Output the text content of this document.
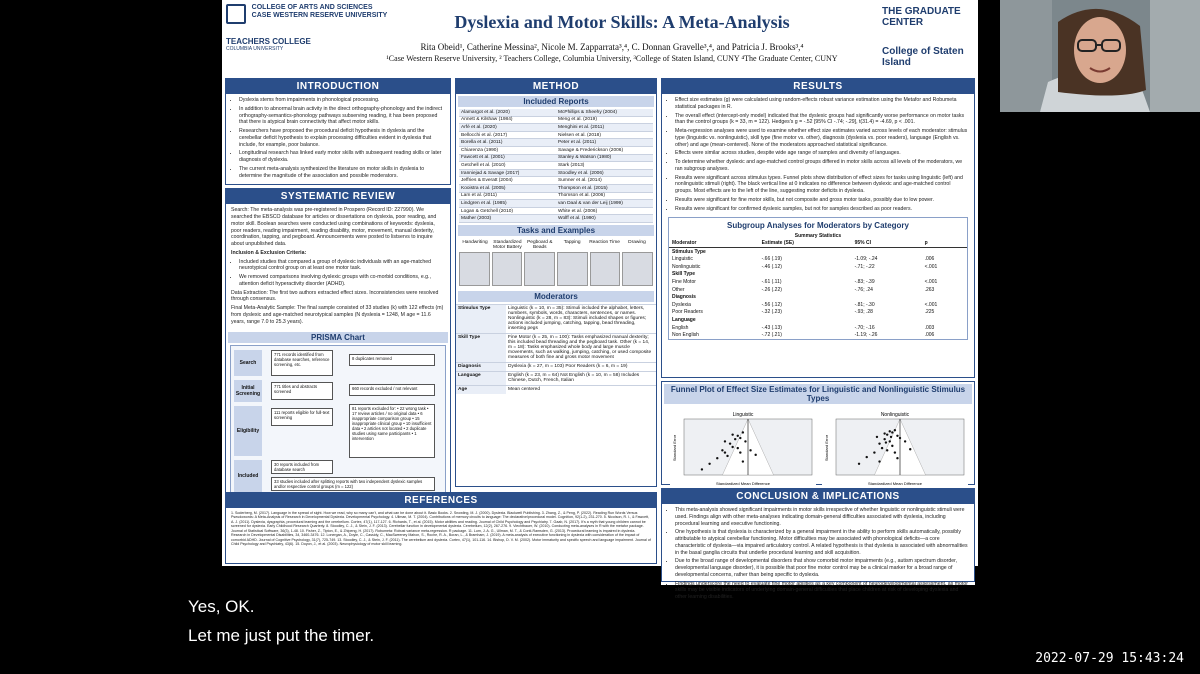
COLLEGE OF ARTS AND SCIENCES
CASE WESTERN RESERVE UNIVERSITY
TEACHERS COLLEGE
COLUMBIA UNIVERSITY
Dyslexia and Motor Skills: A Meta-Analysis
Rita Obeid¹, Catherine Messina², Nicole M. Zapparrata³,⁴, C. Donnan Gravelle³,⁴, and Patricia J. Brooks³,⁴
¹Case Western Reserve University, ² Teachers College, Columbia University, ³College of Staten Island, CUNY ⁴The Graduate Center, CUNY
THE GRADUATE CENTER
College of Staten Island
INTRODUCTION
• Dyslexia stems from impairments in phonological processing.
• In addition to abnormal brain activity in the direct orthography-phonology and the indirect orthography-semantics-phonology pathways subserving reading, it has been proposed that there is atypical brain connectivity that affect motor skills.
• Researchers have proposed the procedural deficit hypothesis in dyslexia and the cerebellar deficit hypothesis to explain processing difficulties evident in dyslexia that include, for example, poor balance.
• Longitudinal research has linked early motor skills with subsequent reading skills or later diagnosis of dyslexia.
• The current meta-analysis synthesized the literature on motor skills in dyslexia to determine the magnitude of the association and possible moderators.
SYSTEMATIC REVIEW

Search: The meta-analysis was pre-registered in Prospero (Record ID: 227990). We searched the EBSCO database for articles or dissertations on dyslexia, poor reading, and motor skill. Boolean searches were conducted using combinations of keywords: dyslexia, poor readers, reading impairment, reading disability, motor, movement, manual dexterity, coordination, tapping, and pegboard. Announcements were posted to listservs to inquire about unpublished data.

Inclusion & Exclusion Criteria:

• Included studies that compared a group of dyslexic individuals with an age-matched neurotypical control group on at least one motor task.
• We removed comparisons involving dyslexic groups with co-morbid conditions, e.g., attention deficit hyperactivity disorder (ADHD).

Data Extraction: The first two authors extracted effect sizes. Inconsistencies were resolved through consensus.

Final Meta-Analytic Sample: The final sample consisted of 33 studies (k) with 122 effects (m) from dyslexic and age-matched neurotypical samples (N dyslexia = 1248, M age = 11.6 years, range 7.0 to 25.3 years).

PRISMA Chart
Search
Initial Screening
Eligibility
Included
771 records identified from database searches, reference screening, etc.
8 duplicates removed
771 titles and abstracts screened
660 records excluded / not relevant
111 reports eligible for full-text screening
81 reports excluded for: • 22 wrong task • 17 review articles / no original data • 6 inappropriate comparison group • 15 inappropriate clinical group • 10 insufficient data • 2 articles not located • 2 duplicate studies using same participants • 1 intervention
30 reports included from database search
33 studies included after splitting reports with two independent dyslexic samples and/or respective control groups (m = 122)
METHOD
Included Reports
Alamargot et al. (2020)	McPhillips & Sheehy (2004)
Annett & Kilshaw (1984)	Meng et al. (2019)
Arfé et al. (2020)	Menghini et al. (2011)
Bellocchi et al. (2017)	Nielsen et al. (2018)
Borella et al. (2011)	Peter et al. (2011)
Chiarenza (1990)	Savage & Frederickson (2006)
Fawcett et al. (2001)	Stanley & Watson (1980)
Getchell et al. (2010)	Stark (2013)
Iranniejad & Savage (2017)	Stoodley et al. (2006)
Jeffries & Everatt (2004)	Sumner et al. (2014)
Kooistra et al. (2005)	Thompson et al. (2015)
Lam et al. (2011)	Thomson et al. (2006)
Lindgren et al. (1985)	van Daal & van der Leij (1999)
Logan & Getchell (2010)	White et al. (2006)
Mather (2003)	Wolff et al. (1990)
Tasks and Examples
Handwriting	Standardized Motor Battery
Pegboard & Beads
Tapping	Reaction Time	Drawing
Moderators
Stimulus Type	Linguistic (k = 10, m = 35): Stimuli included the alphabet, letters, numbers, symbols, words, characters, sentences, or names. Nonlinguistic (k = 28, m = 83): Stimuli included shapes or figures; actions included jumping, catching, tapping, bead threading, inserting pegs
Skill Type	Fine Motor (k = 25, m = 100): Tasks emphasized manual dexterity; this included bead threading and the pegboard task. Other (k = 14, m = 18): Tasks emphasized whole body and large muscle movements, such as walking, jumping, catching, or used composite measures of both fine and gross motor movement
Diagnosis	Dyslexia (k = 27, m = 103) Poor Readers (k = 6, m = 19)
Language	English (k = 23, m = 64) Not English (k = 10, m = 58) Includes Chinese, Dutch, French, Italian
Age	Mean centered
RESULTS
• Effect size estimates (g) were calculated using random-effects robust variance estimation using the Metafor and Robumeta statistical packages in R.
• The overall effect (intercept-only model) indicated that the dyslexic groups had significantly worse performance on motor tasks than the control groups (k = 33, m = 122). Hedges's g = -.52 [95% CI -.74; -.29], t(31.4) = -4.69, p < .001.
• Meta-regression analyses were used to examine whether effect size estimates varied across levels of each moderator: stimulus type (linguistic vs. nonlinguistic), skill type (fine motor vs. other), diagnosis (dyslexia vs. poor readers), language (English vs. other) and age (mean-centered). None of the moderators approached statistical significance.
• Effects were similar across studies, despite wide age range of samples and diversity of languages.
• To determine whether dyslexic and age-matched control groups differed in motor skills across all levels of the moderators, we ran subgroup analyses.
• Results were significant across stimulus types. Funnel plots show distribution of effect sizes for tasks using linguistic (left) and nonlinguistic stimuli (right). The black vertical line at 0 indicates no difference between dyslexic and age-matched control groups. Most effects are to the left of the line, suggesting motor deficits in dyslexia.
• Results were significant for fine motor skills, but not composite and gross motor tasks, possibly due to low power.
• Results were significant for confirmed dyslexic samples, but not for samples described as poor readers.
Subgroup Analyses for Moderators by Category
Summary Statistics
Moderator	Estimate (SE)	95% CI	p
Stimulus Type			
Linguistic	-.66 (.19)	-1.09; -.24	.006
Nonlinguistic	-.46 (.12)	-.71; -.22	<.001
Skill Type			
Fine Motor	-.61 (.11)	-.83; -.39	<.001
Other	-.26 (.22)	-.76; .24	.263
Diagnosis			
Dyslexia	-.56 (.12)	-.81; -.30	<.001
Poor Readers	-.32 (.23)	-.93; .28	.225
Language			
English	-.43 (.13)	-.70; -.16	.003
Non English	-.72 (.21)	-1.19; -.26	.006
Funnel Plot of Effect Size Estimates for Linguistic and Nonlinguistic Stimulus Types
Linguistic
Standardized Mean Difference
Standard Error
Nonlinguistic
Standardized Mean Difference
Standard Error
CONCLUSION & IMPLICATIONS
• This meta-analysis showed significant impairments in motor skills irrespective of whether linguistic or nonlinguistic stimuli were used. Findings align with other meta-analyses indicating domain-general difficulties associated with dyslexia, including procedural learning and executive functioning.
• One hypothesis is that dyslexia is characterized by a general impairment in the ability to perform skills automatically, possibly attributable to atypical cerebellar functioning. Motor difficulties may be associated with phonological deficits—a core characteristic of dyslexia—via impaired articulatory control. A related hypothesis is that dyslexia is associated with abnormalities in the basal ganglia circuits that underlie procedural learning and skill acquisition.
• Due to the broad range of developmental disorders that show comorbid motor impairments (e.g., autism spectrum disorder, developmental language disorder), it is possible that poor fine motor control may be a clinical marker for a broad range of developmental concerns, rather than being specific to dyslexia.
• Findings underscore the need to evaluate fine motor abilities as a key component of neurodevelopmental assessment, as motor skills may be visible indicators of underlying domain-general difficulties that place children at risk of developing dyslexia and other learning disabilities.
REFERENCES
1. Soderberg, M. (2017). Language in the spread of sight. How we read, why so many can't, and what can be done about it. Basic Books. 2. Snowling, M. J. (2000). Dyslexia. Blackwell Publishing. 3. Zhang, Z., & Peng, P. (2022). Reading Run Words Versus Pseudowords: A Meta-Analysis of Research in Developmental Dyslexia. Developmental Psychology. 4. Ullman, M. T. (2004). Contributions of memory circuits to language: The declarative/procedural model. Cognition, 92(1-2), 231-270. 5. Nicolson, R. I., & Fawcett, A. J. (2011). Dyslexia, dysgraphia, procedural learning and the cerebellum. Cortex, 47(1), 117-127. 6. Richards, T., et al. (2015). Motor abilities and reading. Journal of Child Psychology and Psychiatry. 7. Gaab, N. (2017). It's a myth that young children cannot be screened for dyslexia. Early Childhood Research Quarterly. 8. Stoodley, C. J., & Stein, J. F. (2013). Cerebellar function in developmental dyslexia. Cerebellum, 12(2), 267-276. 9. Viechtbauer, W. (2010). Conducting meta-analyses in R with the metafor package. Journal of Statistical Software, 36(3), 1-48. 10. Fisher, Z., Tipton, E., & Zhipeng, H. (2017). Robumeta: Robust variance meta-regression. R package. 11. Lum, J. A. G., Ullman, M. T., & Conti-Ramsden, G. (2013). Procedural learning is impaired in dyslexia. Research in Developmental Disabilities, 34, 3460-3476. 12. Lonergan, A., Doyle, C., Cassidy, C., MacSweeney Mahon, S., Roche, R. A., Boran, L., & Bramham, J. (2019). A meta-analysis of executive functioning in dyslexia with consideration of the impact of comorbid ADHD. Journal of Cognitive Psychology, 31(7), 725-749. 13. Stoodley, C. J., & Stein, J. F. (2011). The cerebellum and dyslexia. Cortex, 47(1), 101-116. 14. Bishop, D. V. M. (2002). Motor immaturity and specific speech and language impairment. Journal of Child Psychology and Psychiatry, 43(6). 15. Doyon, J., et al. (2003). Neurophysiology of motor skill learning.
Yes, OK.
Let me just put the timer.
2022-07-29 15:43:24
